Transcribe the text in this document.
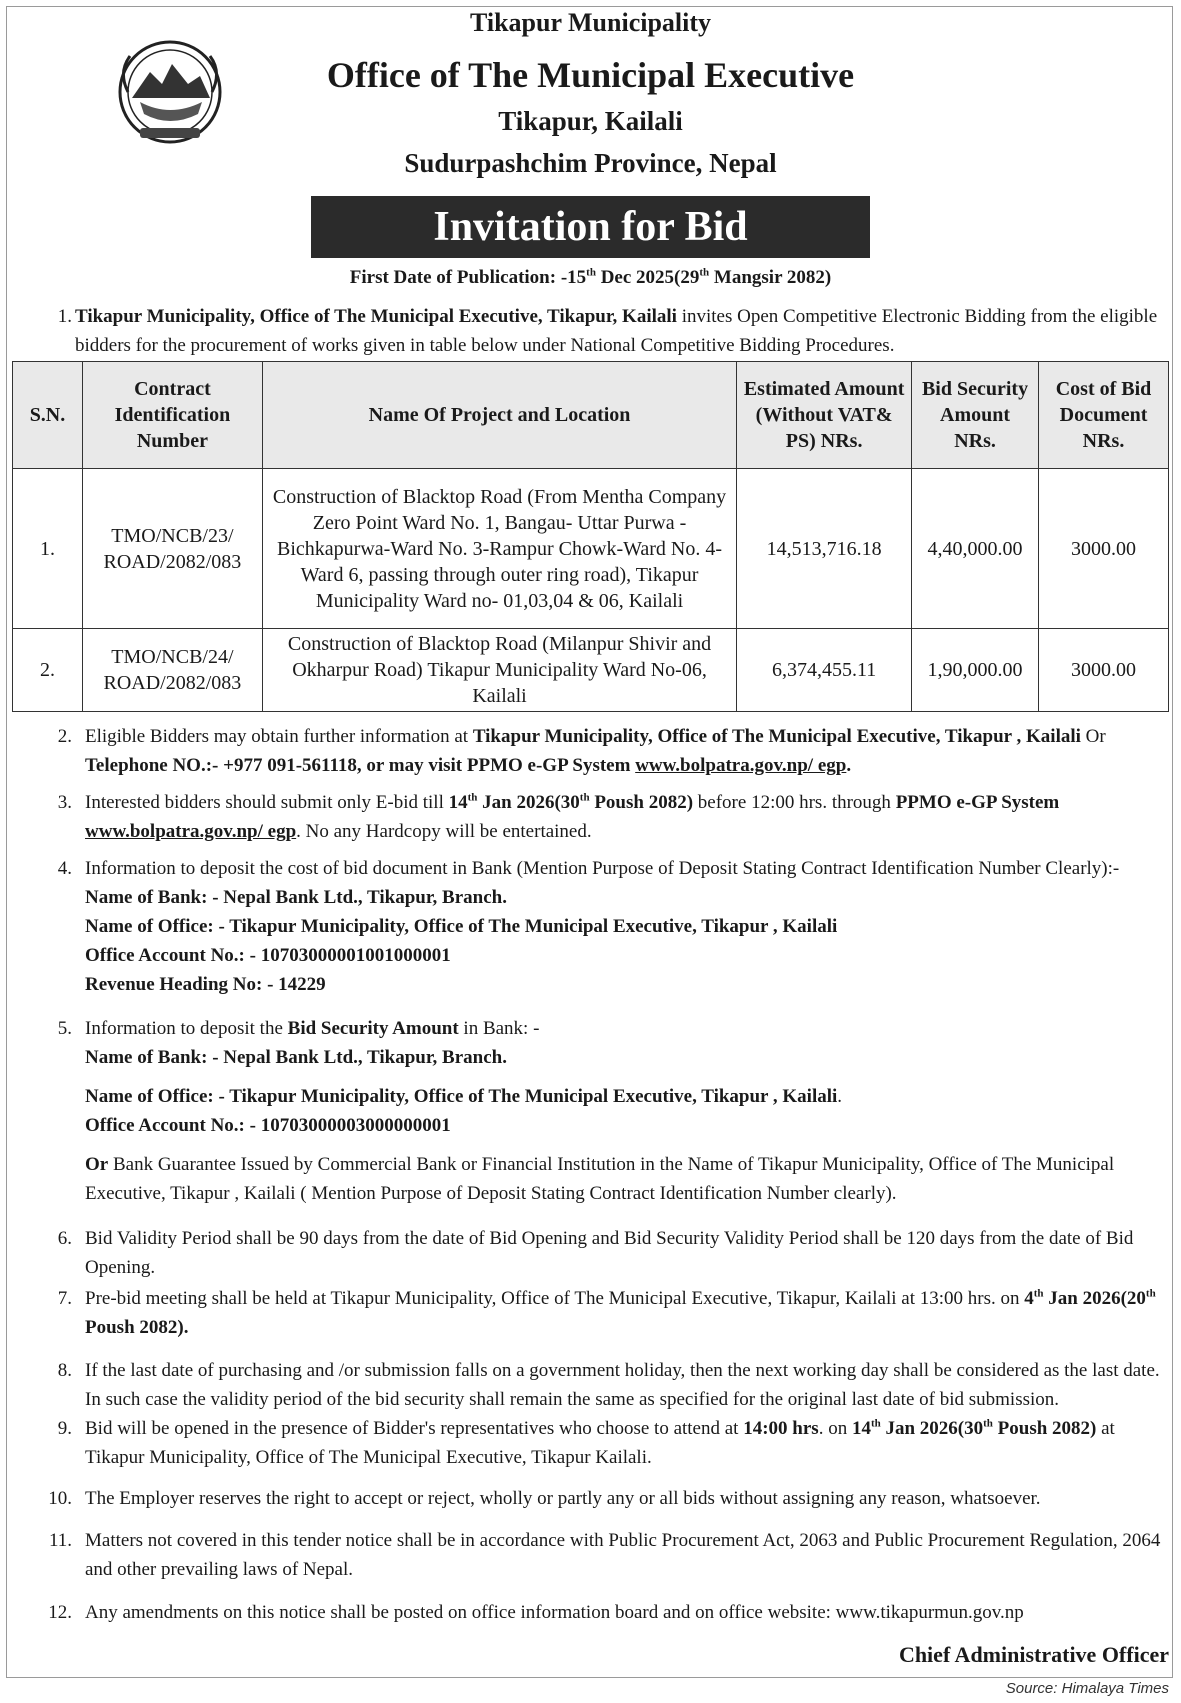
Tikapur Municipality
Office of The Municipal Executive
Tikapur, Kailali
Sudurpashchim Province, Nepal
Invitation for Bid
First Date of Publication: -15th Dec 2025(29th Mangsir 2082)
1. Tikapur Municipality, Office of The Municipal Executive, Tikapur, Kailali invites Open Competitive Electronic Bidding from the eligible bidders for the procurement of works given in table below under National Competitive Bidding Procedures.
S.N.	Contract Identification Number	Name Of Project and Location	Estimated Amount (Without VAT& PS) NRs.	Bid Security Amount NRs.	Cost of Bid Document NRs.
1.	TMO/NCB/23/ ROAD/2082/083	Construction of Blacktop Road (From Mentha Company Zero Point Ward No. 1, Bangau- Uttar Purwa - Bichkapurwa-Ward No. 3-Rampur Chowk-Ward No. 4-Ward 6, passing through outer ring road), Tikapur Municipality Ward no- 01,03,04 & 06, Kailali	14,513,716.18	4,40,000.00	3000.00
2.	TMO/NCB/24/ ROAD/2082/083	Construction of Blacktop Road (Milanpur Shivir and Okharpur Road) Tikapur Municipality Ward No-06, Kailali	6,374,455.11	1,90,000.00	3000.00
2. Eligible Bidders may obtain further information at Tikapur Municipality, Office of The Municipal Executive, Tikapur , Kailali Or Telephone NO.:- +977 091-561118, or may visit PPMO e-GP System www.bolpatra.gov.np/ egp.
3. Interested bidders should submit only E-bid till 14th Jan 2026(30th Poush 2082) before 12:00 hrs. through PPMO e-GP System www.bolpatra.gov.np/ egp. No any Hardcopy will be entertained.
4. Information to deposit the cost of bid document in Bank (Mention Purpose of Deposit Stating Contract Identification Number Clearly):-
Name of Bank: - Nepal Bank Ltd., Tikapur, Branch.
Name of Office: - Tikapur Municipality, Office of The Municipal Executive, Tikapur , Kailali
Office Account No.: - 10703000001001000001
Revenue Heading No: - 14229
5. Information to deposit the Bid Security Amount in Bank: -
Name of Bank: - Nepal Bank Ltd., Tikapur, Branch.
Name of Office: - Tikapur Municipality, Office of The Municipal Executive, Tikapur , Kailali.
Office Account No.: - 10703000003000000001
Or Bank Guarantee Issued by Commercial Bank or Financial Institution in the Name of Tikapur Municipality, Office of The Municipal Executive, Tikapur , Kailali ( Mention Purpose of Deposit Stating Contract Identification Number clearly).
6. Bid Validity Period shall be 90 days from the date of Bid Opening and Bid Security Validity Period shall be 120 days from the date of Bid Opening.
7. Pre-bid meeting shall be held at Tikapur Municipality, Office of The Municipal Executive, Tikapur, Kailali at 13:00 hrs. on 4th Jan 2026(20th Poush 2082).
8. If the last date of purchasing and /or submission falls on a government holiday, then the next working day shall be considered as the last date. In such case the validity period of the bid security shall remain the same as specified for the original last date of bid submission.
9. Bid will be opened in the presence of Bidder's representatives who choose to attend at 14:00 hrs. on 14th Jan 2026(30th Poush 2082) at Tikapur Municipality, Office of The Municipal Executive, Tikapur Kailali.
10. The Employer reserves the right to accept or reject, wholly or partly any or all bids without assigning any reason, whatsoever.
11. Matters not covered in this tender notice shall be in accordance with Public Procurement Act, 2063 and Public Procurement Regulation, 2064 and other prevailing laws of Nepal.
12. Any amendments on this notice shall be posted on office information board and on office website: www.tikapurmun.gov.np
Chief Administrative Officer
Source: Himalaya Times
